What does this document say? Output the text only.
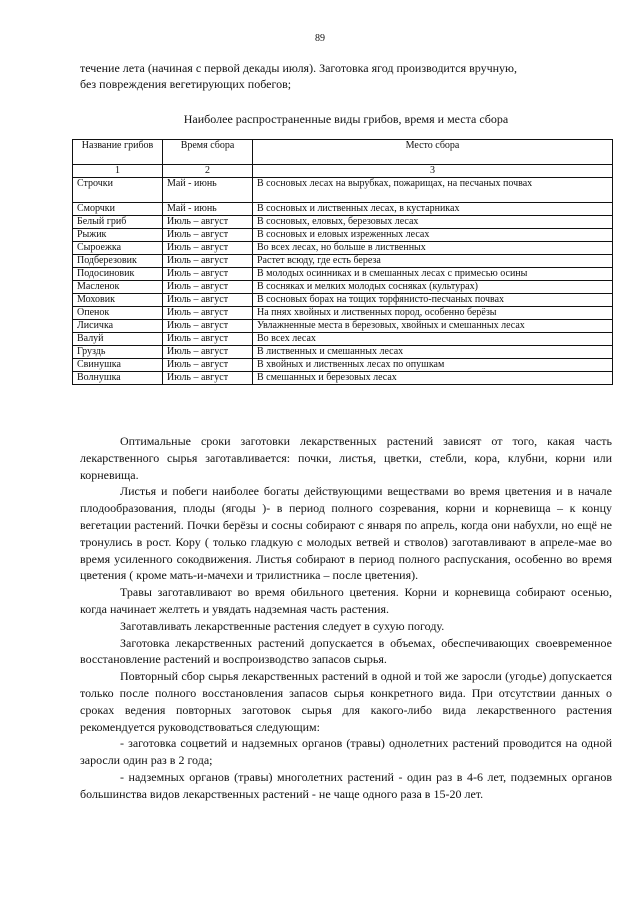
89

течение лета (начиная с первой декады июля). Заготовка ягод производится вручную,

без повреждения вегетирующих побегов;

Наиболее распространенные виды грибов, время и места сбора
Название грибов	Время сбора	Место сбора
1	2	3
Строчки	Май - июнь	В сосновых лесах на вырубках, пожарищах, на песчаных почвах
Сморчки	Май - июнь	В сосновых и лиственных лесах, в кустарниках
Белый гриб	Июль – август	В сосновых, еловых, березовых лесах
Рыжик	Июль – август	В сосновых и еловых изреженных лесах
Сыроежка	Июль – август	Во всех лесах, но больше в лиственных
Подберезовик	Июль – август	Растет всюду, где есть береза
Подосиновик	Июль – август	В молодых осинниках и в смешанных лесах с примесью осины
Масленок	Июль – август	В сосняках и мелких молодых сосняках (культурах)
Моховик	Июль – август	В сосновых борах на тощих торфянисто-песчаных почвах
Опенок	Июль – август	На пнях хвойных и лиственных пород, особенно берёзы
Лисичка	Июль – август	Увлажненные места в березовых, хвойных и смешанных лесах
Валуй	Июль – август	Во всех лесах
Груздь	Июль – август	В лиственных и смешанных лесах
Свинушка	Июль – август	В хвойных и лиственных лесах по опушкам
Волнушка	Июль – август	В смешанных и березовых лесах

Оптимальные сроки заготовки лекарственных растений зависят от того, какая часть лекарственного сырья заготавливается: почки, листья, цветки, стебли, кора, клубни, корни или корневища.

Листья и побеги наиболее богаты действующими веществами во время цветения и в начале плодообразования, плоды (ягоды )- в период полного созревания, корни и корневища – к концу вегетации растений. Почки берёзы и сосны собирают с января по апрель, когда они набухли, но ещё не тронулись в рост. Кору ( только гладкую с молодых ветвей и стволов) заготавливают в апреле-мае во время усиленного сокодвижения. Листья собирают в период полного распускания, особенно во время цветения ( кроме мать-и-мачехи и трилистника – после цветения).

Травы заготавливают во время обильного цветения. Корни и корневища собирают осенью, когда начинает желтеть и увядать надземная часть растения.

Заготавливать лекарственные растения следует в сухую погоду.

Заготовка лекарственных растений допускается в объемах, обеспечивающих своевременное восстановление растений и воспроизводство запасов сырья.

Повторный сбор сырья лекарственных растений в одной и той же заросли (угодье) допускается только после полного восстановления запасов сырья конкретного вида. При отсутствии данных о сроках ведения повторных заготовок сырья для какого-либо вида лекарственного растения рекомендуется руководствоваться следующим:

- заготовка соцветий и надземных органов (травы) однолетних растений проводится на одной заросли один раз в 2 года;

- надземных органов (травы) многолетних растений - один раз в 4-6 лет, подземных органов большинства видов лекарственных растений - не чаще одного раза в 15-20 лет.
